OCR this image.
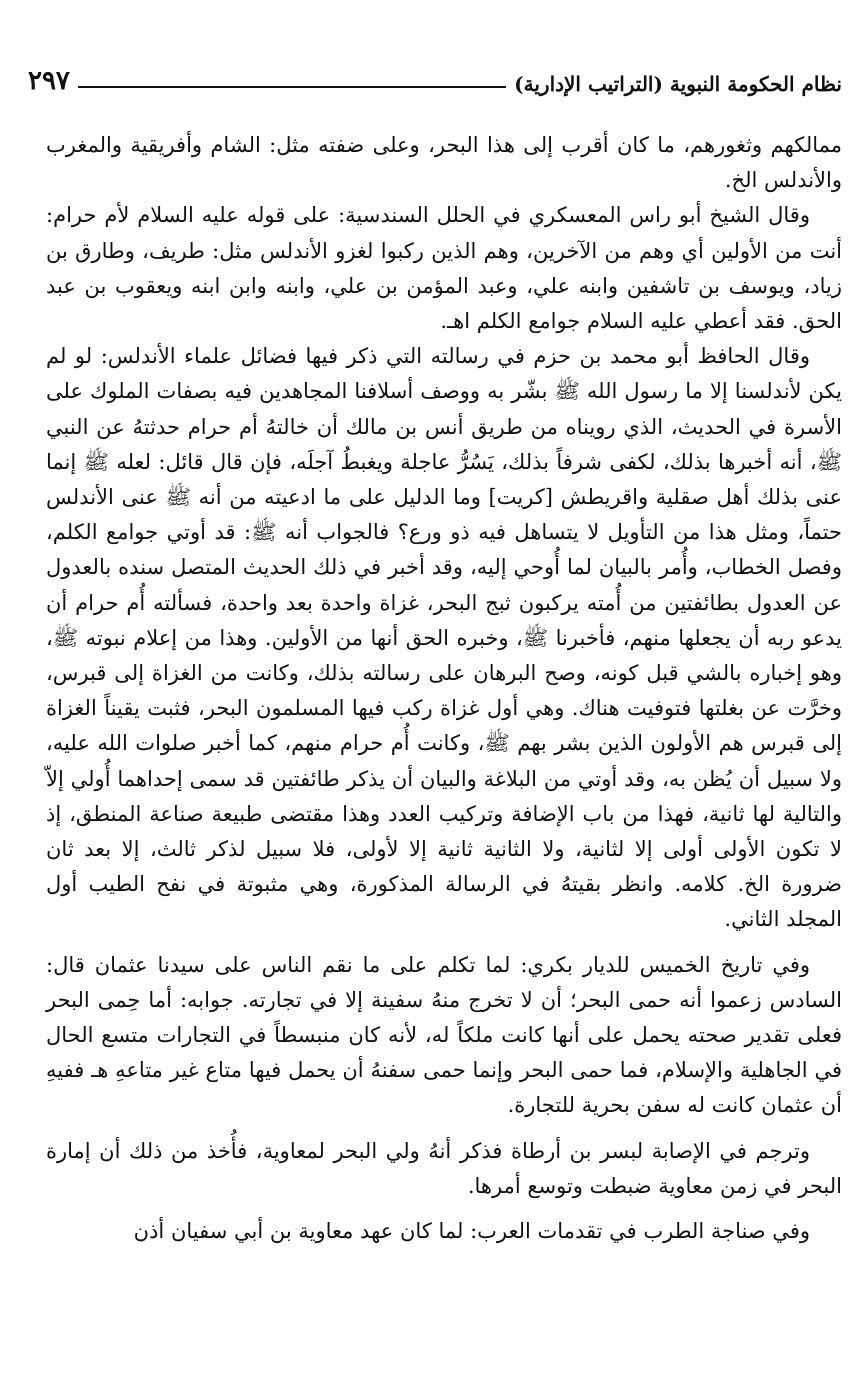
نظام الحكومة النبوية (التراتيب الإدارية)
٢٩٧

ممالكهم وثغورهم، ما كان أقرب إلى هذا البحر، وعلى ضفته مثل: الشام وأفريقية والمغرب والأندلس الخ.

وقال الشيخ أبو راس المعسكري في الحلل السندسية: على قوله عليه السلام لأم حرام: أنت من الأولين أي وهم من الآخرين، وهم الذين ركبوا لغزو الأندلس مثل: طريف، وطارق بن زياد، ويوسف بن تاشفين وابنه علي، وعبد المؤمن بن علي، وابنه وابن ابنه ويعقوب بن عبد الحق. فقد أعطي عليه السلام جوامع الكلم اهـ.

وقال الحافظ أبو محمد بن حزم في رسالته التي ذكر فيها فضائل علماء الأندلس: لو لم يكن لأندلسنا إلا ما رسول الله ﷺ بشّر به ووصف أسلافنا المجاهدين فيه بصفات الملوك على الأسرة في الحديث، الذي رويناه من طريق أنس بن مالك أن خالتهُ أم حرام حدثتهُ عن النبي ﷺ، أنه أخبرها بذلك، لكفى شرفاً بذلك، يَسُرُّ عاجلة ويغبطُ آجلَه، فإن قال قائل: لعله ﷺ إنما عنى بذلك أهل صقلية واقريطش [كريت] وما الدليل على ما ادعيته من أنه ﷺ عنى الأندلس حتماً، ومثل هذا من التأويل لا يتساهل فيه ذو ورع؟ فالجواب أنه ﷺ: قد أوتي جوامع الكلم، وفصل الخطاب، وأُمر بالبيان لما أُوحي إليه، وقد أخبر في ذلك الحديث المتصل سنده بالعدول عن العدول بطائفتين من أُمته يركبون ثبج البحر، غزاة واحدة بعد واحدة، فسألته أُم حرام أن يدعو ربه أن يجعلها منهم، فأخبرنا ﷺ، وخبره الحق أنها من الأولين. وهذا من إعلام نبوته ﷺ، وهو إخباره بالشي قبل كونه، وصح البرهان على رسالته بذلك، وكانت من الغزاة إلى قبرس، وخرَّت عن بغلتها فتوفيت هناك. وهي أول غزاة ركب فيها المسلمون البحر، فثبت يقيناً الغزاة إلى قبرس هم الأولون الذين بشر بهم ﷺ، وكانت أُم حرام منهم، كما أخبر صلوات الله عليه، ولا سبيل أن يُظن به، وقد أوتي من البلاغة والبيان أن يذكر طائفتين قد سمى إحداهما أُولي إلاّ والتالية لها ثانية، فهذا من باب الإضافة وتركيب العدد وهذا مقتضى طبيعة صناعة المنطق، إذ لا تكون الأولى أولى إلا لثانية، ولا الثانية ثانية إلا لأولى، فلا سبيل لذكر ثالث، إلا بعد ثان ضرورة الخ. كلامه. وانظر بقيتهُ في الرسالة المذكورة، وهي مثبوتة في نفح الطيب أول المجلد الثاني.

وفي تاريخ الخميس للديار بكري: لما تكلم على ما نقم الناس على سيدنا عثمان قال: السادس زعموا أنه حمى البحر؛ أن لا تخرج منهُ سفينة إلا في تجارته. جوابه: أما حِمى البحر فعلى تقدير صحته يحمل على أنها كانت ملكاً له، لأنه كان منبسطاً في التجارات متسع الحال في الجاهلية والإسلام، فما حمى البحر وإنما حمى سفنهُ أن يحمل فيها متاع غير متاعهِ هـ ففيهِ أن عثمان كانت له سفن بحرية للتجارة.

وترجم في الإصابة لبسر بن أرطاة فذكر أنهُ ولي البحر لمعاوية، فأُخذ من ذلك أن إمارة البحر في زمن معاوية ضبطت وتوسع أمرها.

وفي صناجة الطرب في تقدمات العرب: لما كان عهد معاوية بن أبي سفيان أذن
